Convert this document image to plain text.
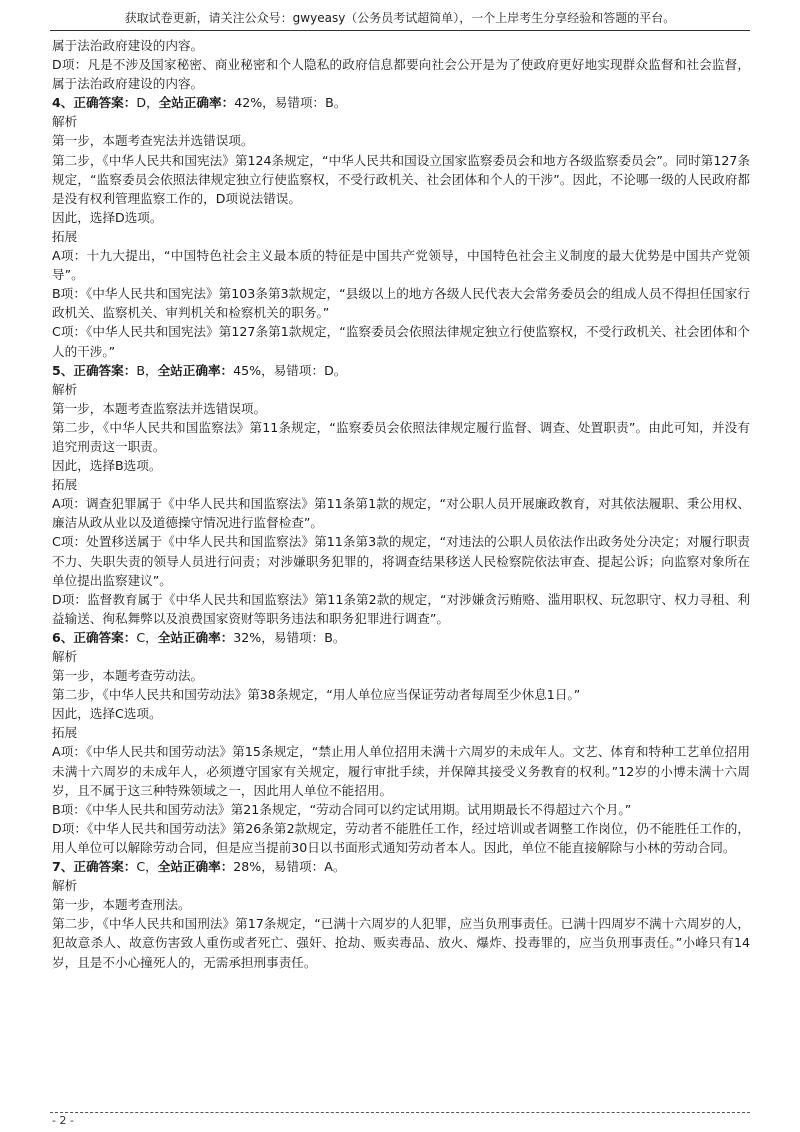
获取试卷更新，请关注公众号：gwyeasy（公务员考试超简单），一个上岸考生分享经验和答题的平台。

属于法治政府建设的内容。

D项：凡是不涉及国家秘密、商业秘密和个人隐私的政府信息都要向社会公开是为了使政府更好地实现群众监督和社会监督，属于法治政府建设的内容。

4、正确答案：D，全站正确率：42%，易错项：B。

解析

第一步，本题考查宪法并选错误项。

第二步，《中华人民共和国宪法》第124条规定，“中华人民共和国设立国家监察委员会和地方各级监察委员会”。同时第127条规定，“监察委员会依照法律规定独立行使监察权，不受行政机关、社会团体和个人的干涉”。因此，不论哪一级的人民政府都是没有权利管理监察工作的，D项说法错误。

因此，选择D选项。

拓展

A项：十九大提出，“中国特色社会主义最本质的特征是中国共产党领导，中国特色社会主义制度的最大优势是中国共产党领导”。

B项：《中华人民共和国宪法》第103条第3款规定，“县级以上的地方各级人民代表大会常务委员会的组成人员不得担任国家行政机关、监察机关、审判机关和检察机关的职务。”

C项：《中华人民共和国宪法》第127条第1款规定，“监察委员会依照法律规定独立行使监察权，不受行政机关、社会团体和个人的干涉。”

5、正确答案：B，全站正确率：45%，易错项：D。

解析

第一步，本题考查监察法并选错误项。

第二步，《中华人民共和国监察法》第11条规定，“监察委员会依照法律规定履行监督、调查、处置职责”。由此可知，并没有追究刑责这一职责。

因此，选择B选项。

拓展

A项：调查犯罪属于《中华人民共和国监察法》第11条第1款的规定，“对公职人员开展廉政教育，对其依法履职、秉公用权、廉洁从政从业以及道德操守情况进行监督检查”。

C项：处置移送属于《中华人民共和国监察法》第11条第3款的规定，“对违法的公职人员依法作出政务处分决定；对履行职责不力、失职失责的领导人员进行问责；对涉嫌职务犯罪的，将调查结果移送人民检察院依法审查、提起公诉；向监察对象所在单位提出监察建议”。

D项：监督教育属于《中华人民共和国监察法》第11条第2款的规定，“对涉嫌贪污贿赂、滥用职权、玩忽职守、权力寻租、利益输送、徇私舞弊以及浪费国家资财等职务违法和职务犯罪进行调查”。

6、正确答案：C，全站正确率：32%，易错项：B。

解析

第一步，本题考查劳动法。

第二步，《中华人民共和国劳动法》第38条规定，“用人单位应当保证劳动者每周至少休息1日。”

因此，选择C选项。

拓展

A项：《中华人民共和国劳动法》第15条规定，“禁止用人单位招用未满十六周岁的未成年人。文艺、体育和特种工艺单位招用未满十六周岁的未成年人，必须遵守国家有关规定，履行审批手续，并保障其接受义务教育的权利。”12岁的小博未满十六周岁，且不属于这三种特殊领域之一，因此用人单位不能招用。

B项：《中华人民共和国劳动法》第21条规定，“劳动合同可以约定试用期。试用期最长不得超过六个月。”

D项：《中华人民共和国劳动法》第26条第2款规定，劳动者不能胜任工作，经过培训或者调整工作岗位，仍不能胜任工作的，用人单位可以解除劳动合同，但是应当提前30日以书面形式通知劳动者本人。因此，单位不能直接解除与小林的劳动合同。

7、正确答案：C，全站正确率：28%，易错项：A。

解析

第一步，本题考查刑法。

第二步，《中华人民共和国刑法》第17条规定，“已满十六周岁的人犯罪，应当负刑事责任。已满十四周岁不满十六周岁的人，犯故意杀人、故意伤害致人重伤或者死亡、强奸、抢劫、贩卖毒品、放火、爆炸、投毒罪的，应当负刑事责任。”小峰只有14岁，且是不小心撞死人的，无需承担刑事责任。

- 2 -
